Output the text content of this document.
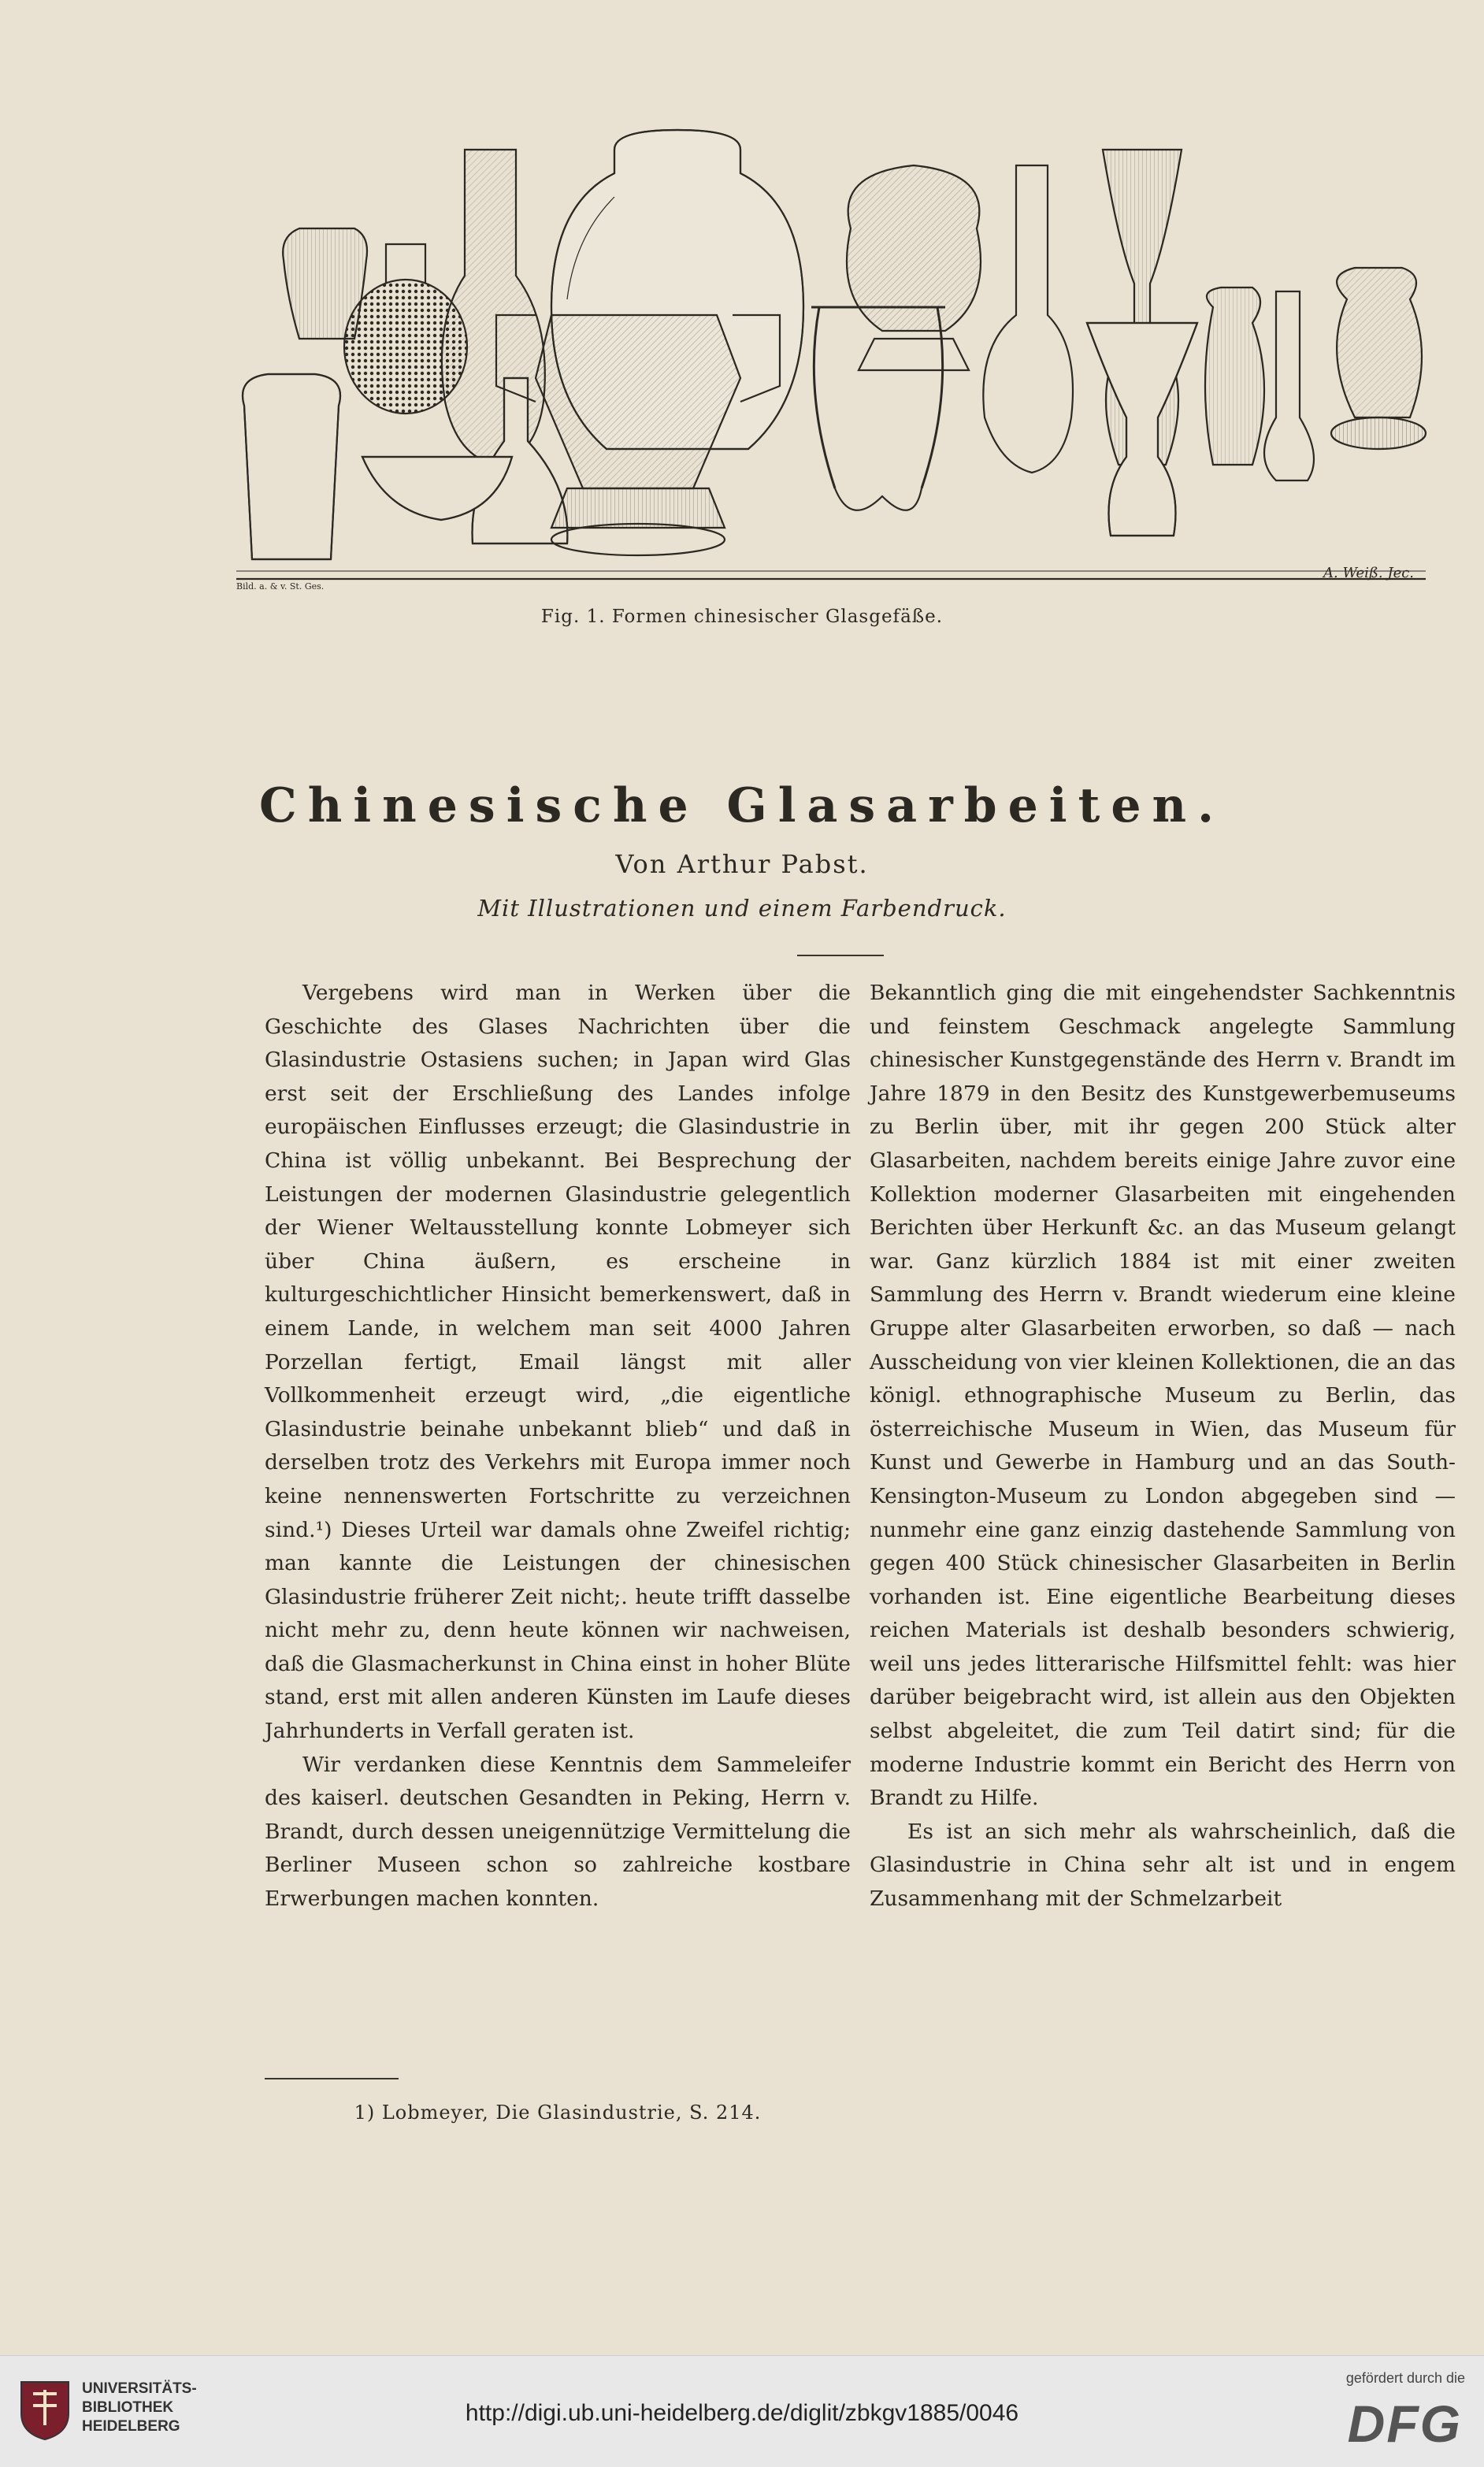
Bild. a. & v. St. Ges.
A. Weiß. Jec.
Fig. 1. Formen chinesischer Glasgefäße.
Chinesische Glasarbeiten.
Von Arthur Pabst.
Mit Illustrationen und einem Farbendruck.

Vergebens wird man in Werken über die Geschichte des Glases Nachrichten über die Glasindustrie Ostasiens suchen; in Japan wird Glas erst seit der Erschließung des Landes infolge europäischen Einflusses erzeugt; die Glasindustrie in China ist völlig unbekannt. Bei Besprechung der Leistungen der modernen Glasindustrie gelegentlich der Wiener Weltausstellung konnte Lobmeyer sich über China äußern, es erscheine in kulturgeschichtlicher Hinsicht bemerkenswert, daß in einem Lande, in welchem man seit 4000 Jahren Porzellan fertigt, Email längst mit aller Vollkommenheit erzeugt wird, „die eigentliche Glasindustrie beinahe unbekannt blieb“ und daß in derselben trotz des Verkehrs mit Europa immer noch keine nennenswerten Fortschritte zu verzeichnen sind.¹) Dieses Urteil war damals ohne Zweifel richtig; man kannte die Leistungen der chinesischen Glasindustrie früherer Zeit nicht;. heute trifft dasselbe nicht mehr zu, denn heute können wir nachweisen, daß die Glasmacherkunst in China einst in hoher Blüte stand, erst mit allen anderen Künsten im Laufe dieses Jahrhunderts in Verfall geraten ist.

Wir verdanken diese Kenntnis dem Sammeleifer des kaiserl. deutschen Gesandten in Peking, Herrn v. Brandt, durch dessen uneigennützige Vermittelung die Berliner Museen schon so zahlreiche kostbare Erwerbungen machen konnten.

Bekanntlich ging die mit eingehendster Sachkenntnis und feinstem Geschmack angelegte Sammlung chinesischer Kunstgegenstände des Herrn v. Brandt im Jahre 1879 in den Besitz des Kunstgewerbemuseums zu Berlin über, mit ihr gegen 200 Stück alter Glasarbeiten, nachdem bereits einige Jahre zuvor eine Kollektion moderner Glasarbeiten mit eingehenden Berichten über Herkunft &c. an das Museum gelangt war. Ganz kürzlich 1884 ist mit einer zweiten Sammlung des Herrn v. Brandt wiederum eine kleine Gruppe alter Glasarbeiten erworben, so daß — nach Ausscheidung von vier kleinen Kollektionen, die an das königl. ethnographische Museum zu Berlin, das österreichische Museum in Wien, das Museum für Kunst und Gewerbe in Hamburg und an das South-Kensington-Museum zu London abgegeben sind — nunmehr eine ganz einzig dastehende Sammlung von gegen 400 Stück chinesischer Glasarbeiten in Berlin vorhanden ist. Eine eigentliche Bearbeitung dieses reichen Materials ist deshalb besonders schwierig, weil uns jedes litterarische Hilfsmittel fehlt: was hier darüber beigebracht wird, ist allein aus den Objekten selbst abgeleitet, die zum Teil datirt sind; für die moderne Industrie kommt ein Bericht des Herrn von Brandt zu Hilfe.

Es ist an sich mehr als wahrscheinlich, daß die Glasindustrie in China sehr alt ist und in engem Zusammenhang mit der Schmelzarbeit

1) Lobmeyer, Die Glasindustrie, S. 214.
UNIVERSITÄTS-
BIBLIOTHEK
HEIDELBERG
http://digi.ub.uni-heidelberg.de/diglit/zbkgv1885/0046
gefördert durch die
DFG
